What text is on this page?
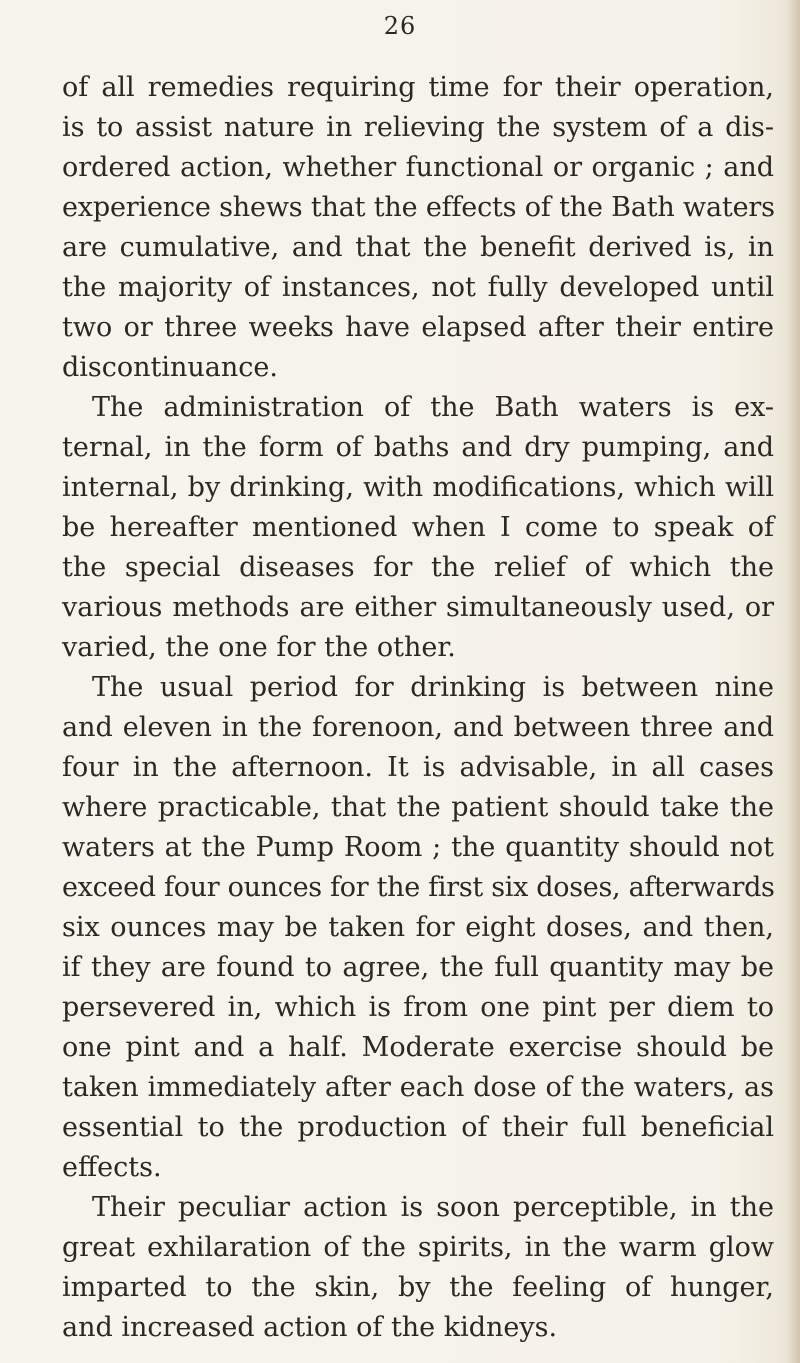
26
of all remedies requiring time for their operation,
is to assist nature in relieving the system of a dis-
ordered action, whether functional or organic ; and
experience shews that the effects of the Bath waters
are cumulative, and that the benefit derived is, in
the majority of instances, not fully developed until
two or three weeks have elapsed after their entire
discontinuance.
The administration of the Bath waters is ex-
ternal, in the form of baths and dry pumping, and
internal, by drinking, with modifications, which will
be hereafter mentioned when I come to speak of
the special diseases for the relief of which the
various methods are either simultaneously used, or
varied, the one for the other.
The usual period for drinking is between nine
and eleven in the forenoon, and between three and
four in the afternoon. It is advisable, in all cases
where practicable, that the patient should take the
waters at the Pump Room ; the quantity should not
exceed four ounces for the first six doses, afterwards
six ounces may be taken for eight doses, and then,
if they are found to agree, the full quantity may be
persevered in, which is from one pint per diem to
one pint and a half. Moderate exercise should be
taken immediately after each dose of the waters, as
essential to the production of their full beneficial
effects.
Their peculiar action is soon perceptible, in the
great exhilaration of the spirits, in the warm glow
imparted to the skin, by the feeling of hunger,
and increased action of the kidneys.
